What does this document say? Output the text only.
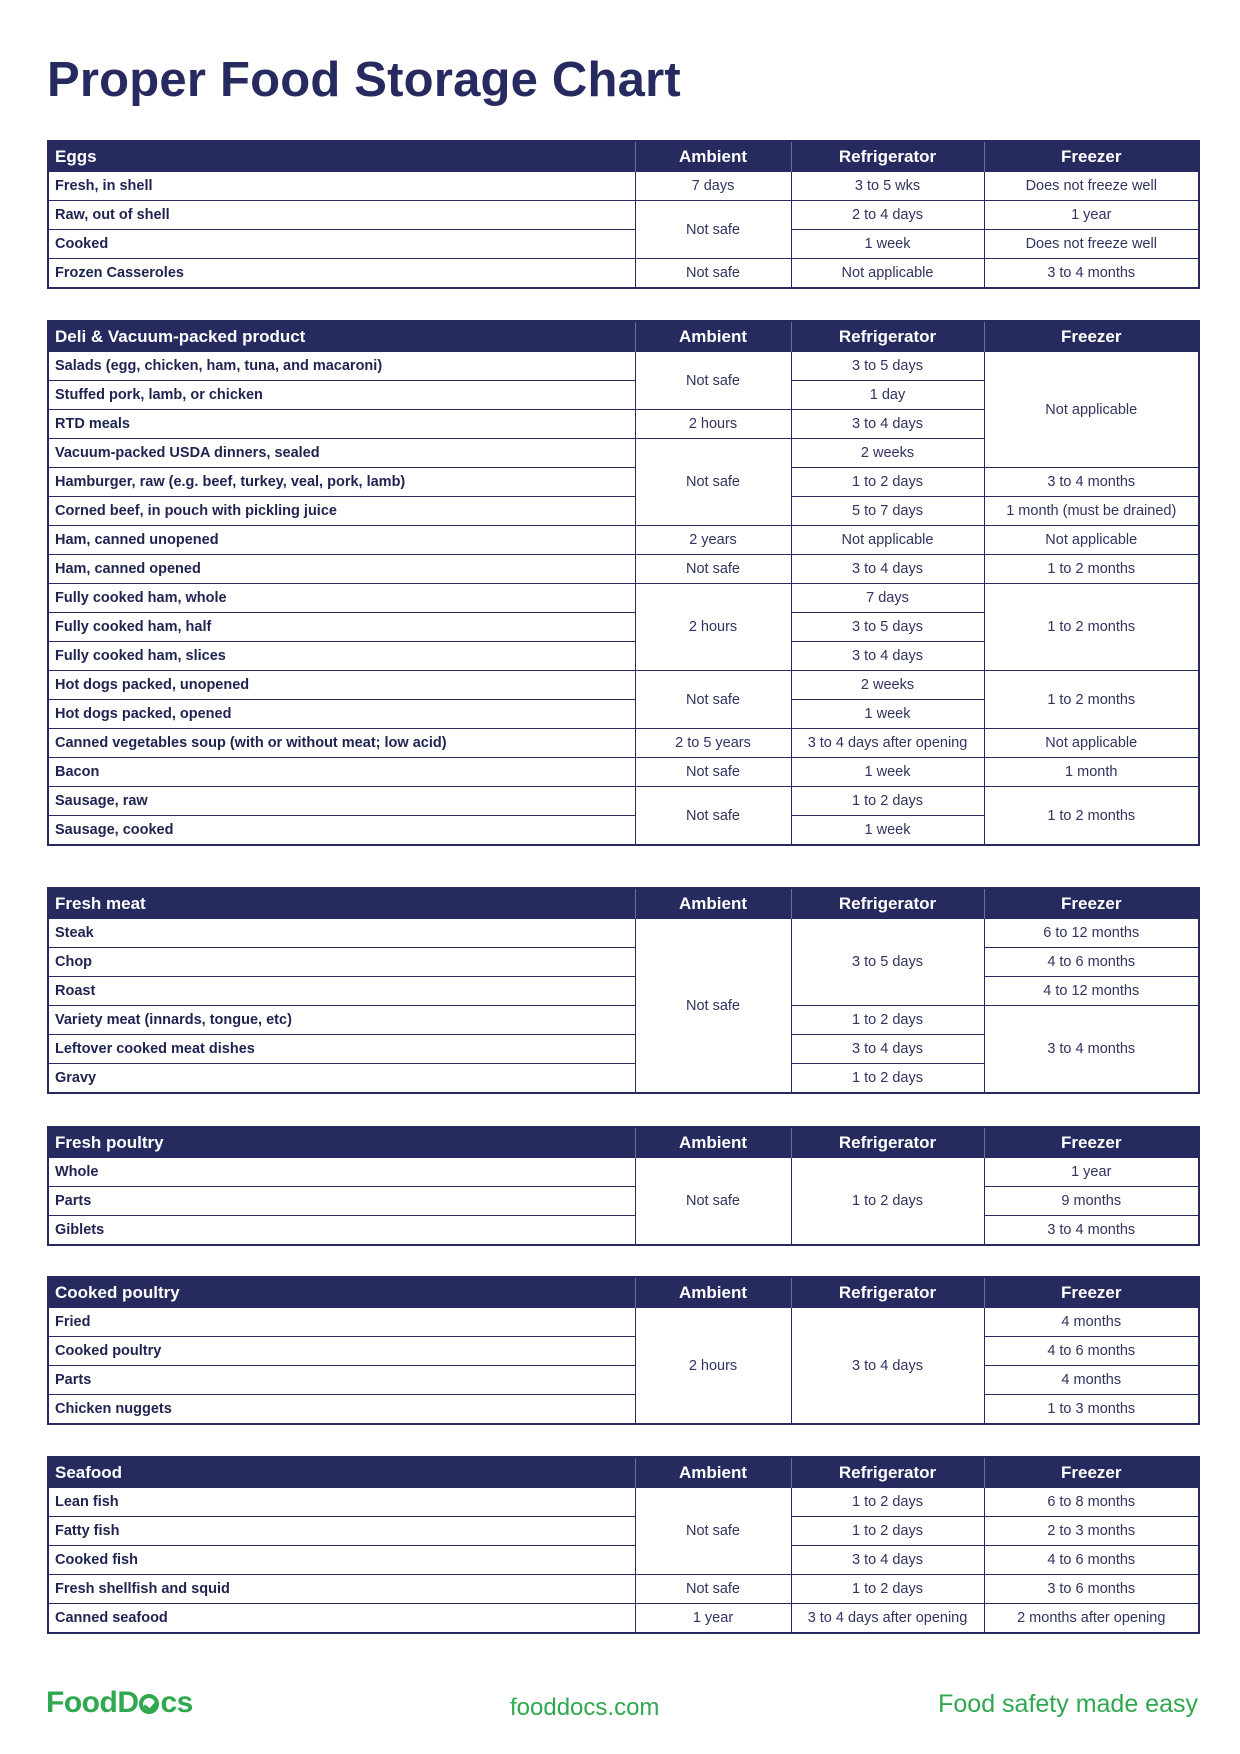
Proper Food Storage Chart
Eggs	Ambient	Refrigerator	Freezer
Fresh, in shell	7 days	3 to 5 wks	Does not freeze well
Raw, out of shell	Not safe	2 to 4 days	1 year
Cooked		1 week	Does not freeze well
Frozen Casseroles	Not safe	Not applicable	3 to 4 months
Deli & Vacuum-packed product	Ambient	Refrigerator	Freezer
Salads (egg, chicken, ham, tuna, and macaroni)	Not safe	3 to 5 days	Not applicable
Stuffed pork, lamb, or chicken		1 day	
RTD meals	2 hours	3 to 4 days	
Vacuum-packed USDA dinners, sealed	Not safe	2 weeks	
Hamburger, raw (e.g. beef, turkey, veal, pork, lamb)		1 to 2 days	3 to 4 months
Corned beef, in pouch with pickling juice		5 to 7 days	1 month (must be drained)
Ham, canned unopened	2 years	Not applicable	Not applicable
Ham, canned opened	Not safe	3 to 4 days	1 to 2 months
Fully cooked ham, whole	2 hours	7 days	1 to 2 months
Fully cooked ham, half		3 to 5 days	
Fully cooked ham, slices		3 to 4 days	
Hot dogs packed, unopened	Not safe	2 weeks	1 to 2 months
Hot dogs packed, opened		1 week	
Canned vegetables soup (with or without meat; low acid)	2 to 5 years	3 to 4 days after opening	Not applicable
Bacon	Not safe	1 week	1 month
Sausage, raw	Not safe	1 to 2 days	1 to 2 months
Sausage, cooked		1 week	
Fresh meat	Ambient	Refrigerator	Freezer
Steak	Not safe	3 to 5 days	6 to 12 months
Chop			4 to 6 months
Roast			4 to 12 months
Variety meat (innards, tongue, etc)		1 to 2 days	3 to 4 months
Leftover cooked meat dishes		3 to 4 days	
Gravy		1 to 2 days	
Fresh poultry	Ambient	Refrigerator	Freezer
Whole	Not safe	1 to 2 days	1 year
Parts			9 months
Giblets			3 to 4 months
Cooked poultry	Ambient	Refrigerator	Freezer
Fried	2 hours	3 to 4 days	4 months
Cooked poultry			4 to 6 months
Parts			4 months
Chicken nuggets			1 to 3 months
Seafood	Ambient	Refrigerator	Freezer
Lean fish	Not safe	1 to 2 days	6 to 8 months
Fatty fish		1 to 2 days	2 to 3 months
Cooked fish		3 to 4 days	4 to 6 months
Fresh shellfish and squid	Not safe	1 to 2 days	3 to 6 months
Canned seafood	1 year	3 to 4 days after opening	2 months after opening
FoodD cs	fooddocs.com	Food safety made easy
